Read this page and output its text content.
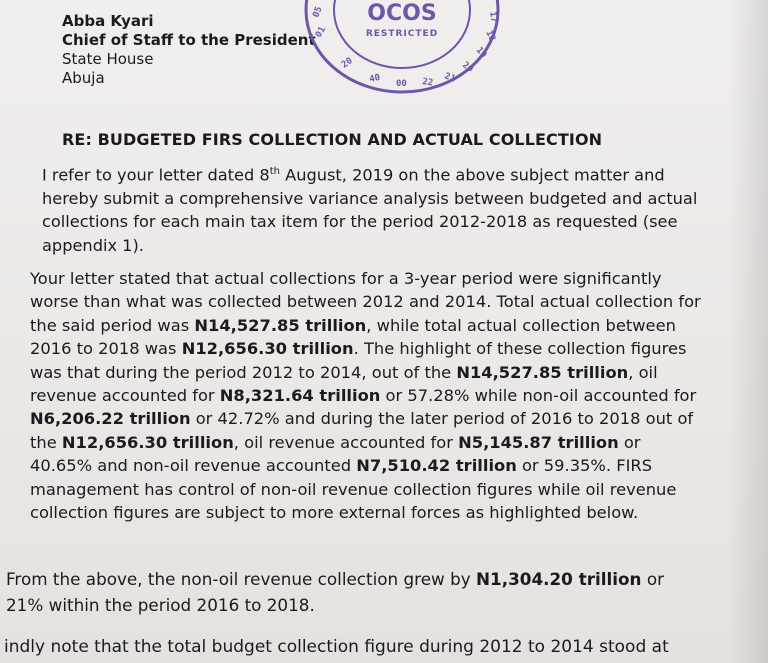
Abba Kyari
Chief of Staff to the President
State House
Abuja
05
01
17
18
19
20
21
22
00
40
20
OCOS
RESTRICTED
RE: BUDGETED FIRS COLLECTION AND ACTUAL COLLECTION

I refer to your letter dated 8th August, 2019 on the above subject matter and
hereby submit a comprehensive variance analysis between budgeted and actual
collections for each main tax item for the period 2012-2018 as requested (see
appendix 1).

Your letter stated that actual collections for a 3-year period were significantly
worse than what was collected between 2012 and 2014. Total actual collection for
the said period was N14,527.85 trillion, while total actual collection between
2016 to 2018 was N12,656.30 trillion. The highlight of these collection figures
was that during the period 2012 to 2014, out of the N14,527.85 trillion, oil
revenue accounted for N8,321.64 trillion or 57.28% while non-oil accounted for
N6,206.22 trillion or 42.72% and during the later period of 2016 to 2018 out of
the N12,656.30 trillion, oil revenue accounted for N5,145.87 trillion or
40.65% and non-oil revenue accounted N7,510.42 trillion or 59.35%. FIRS
management has control of non-oil revenue collection figures while oil revenue
collection figures are subject to more external forces as highlighted below.

From the above, the non-oil revenue collection grew by N1,304.20 trillion or
21% within the period 2016 to 2018.

indly note that the total budget collection figure during 2012 to 2014 stood at
